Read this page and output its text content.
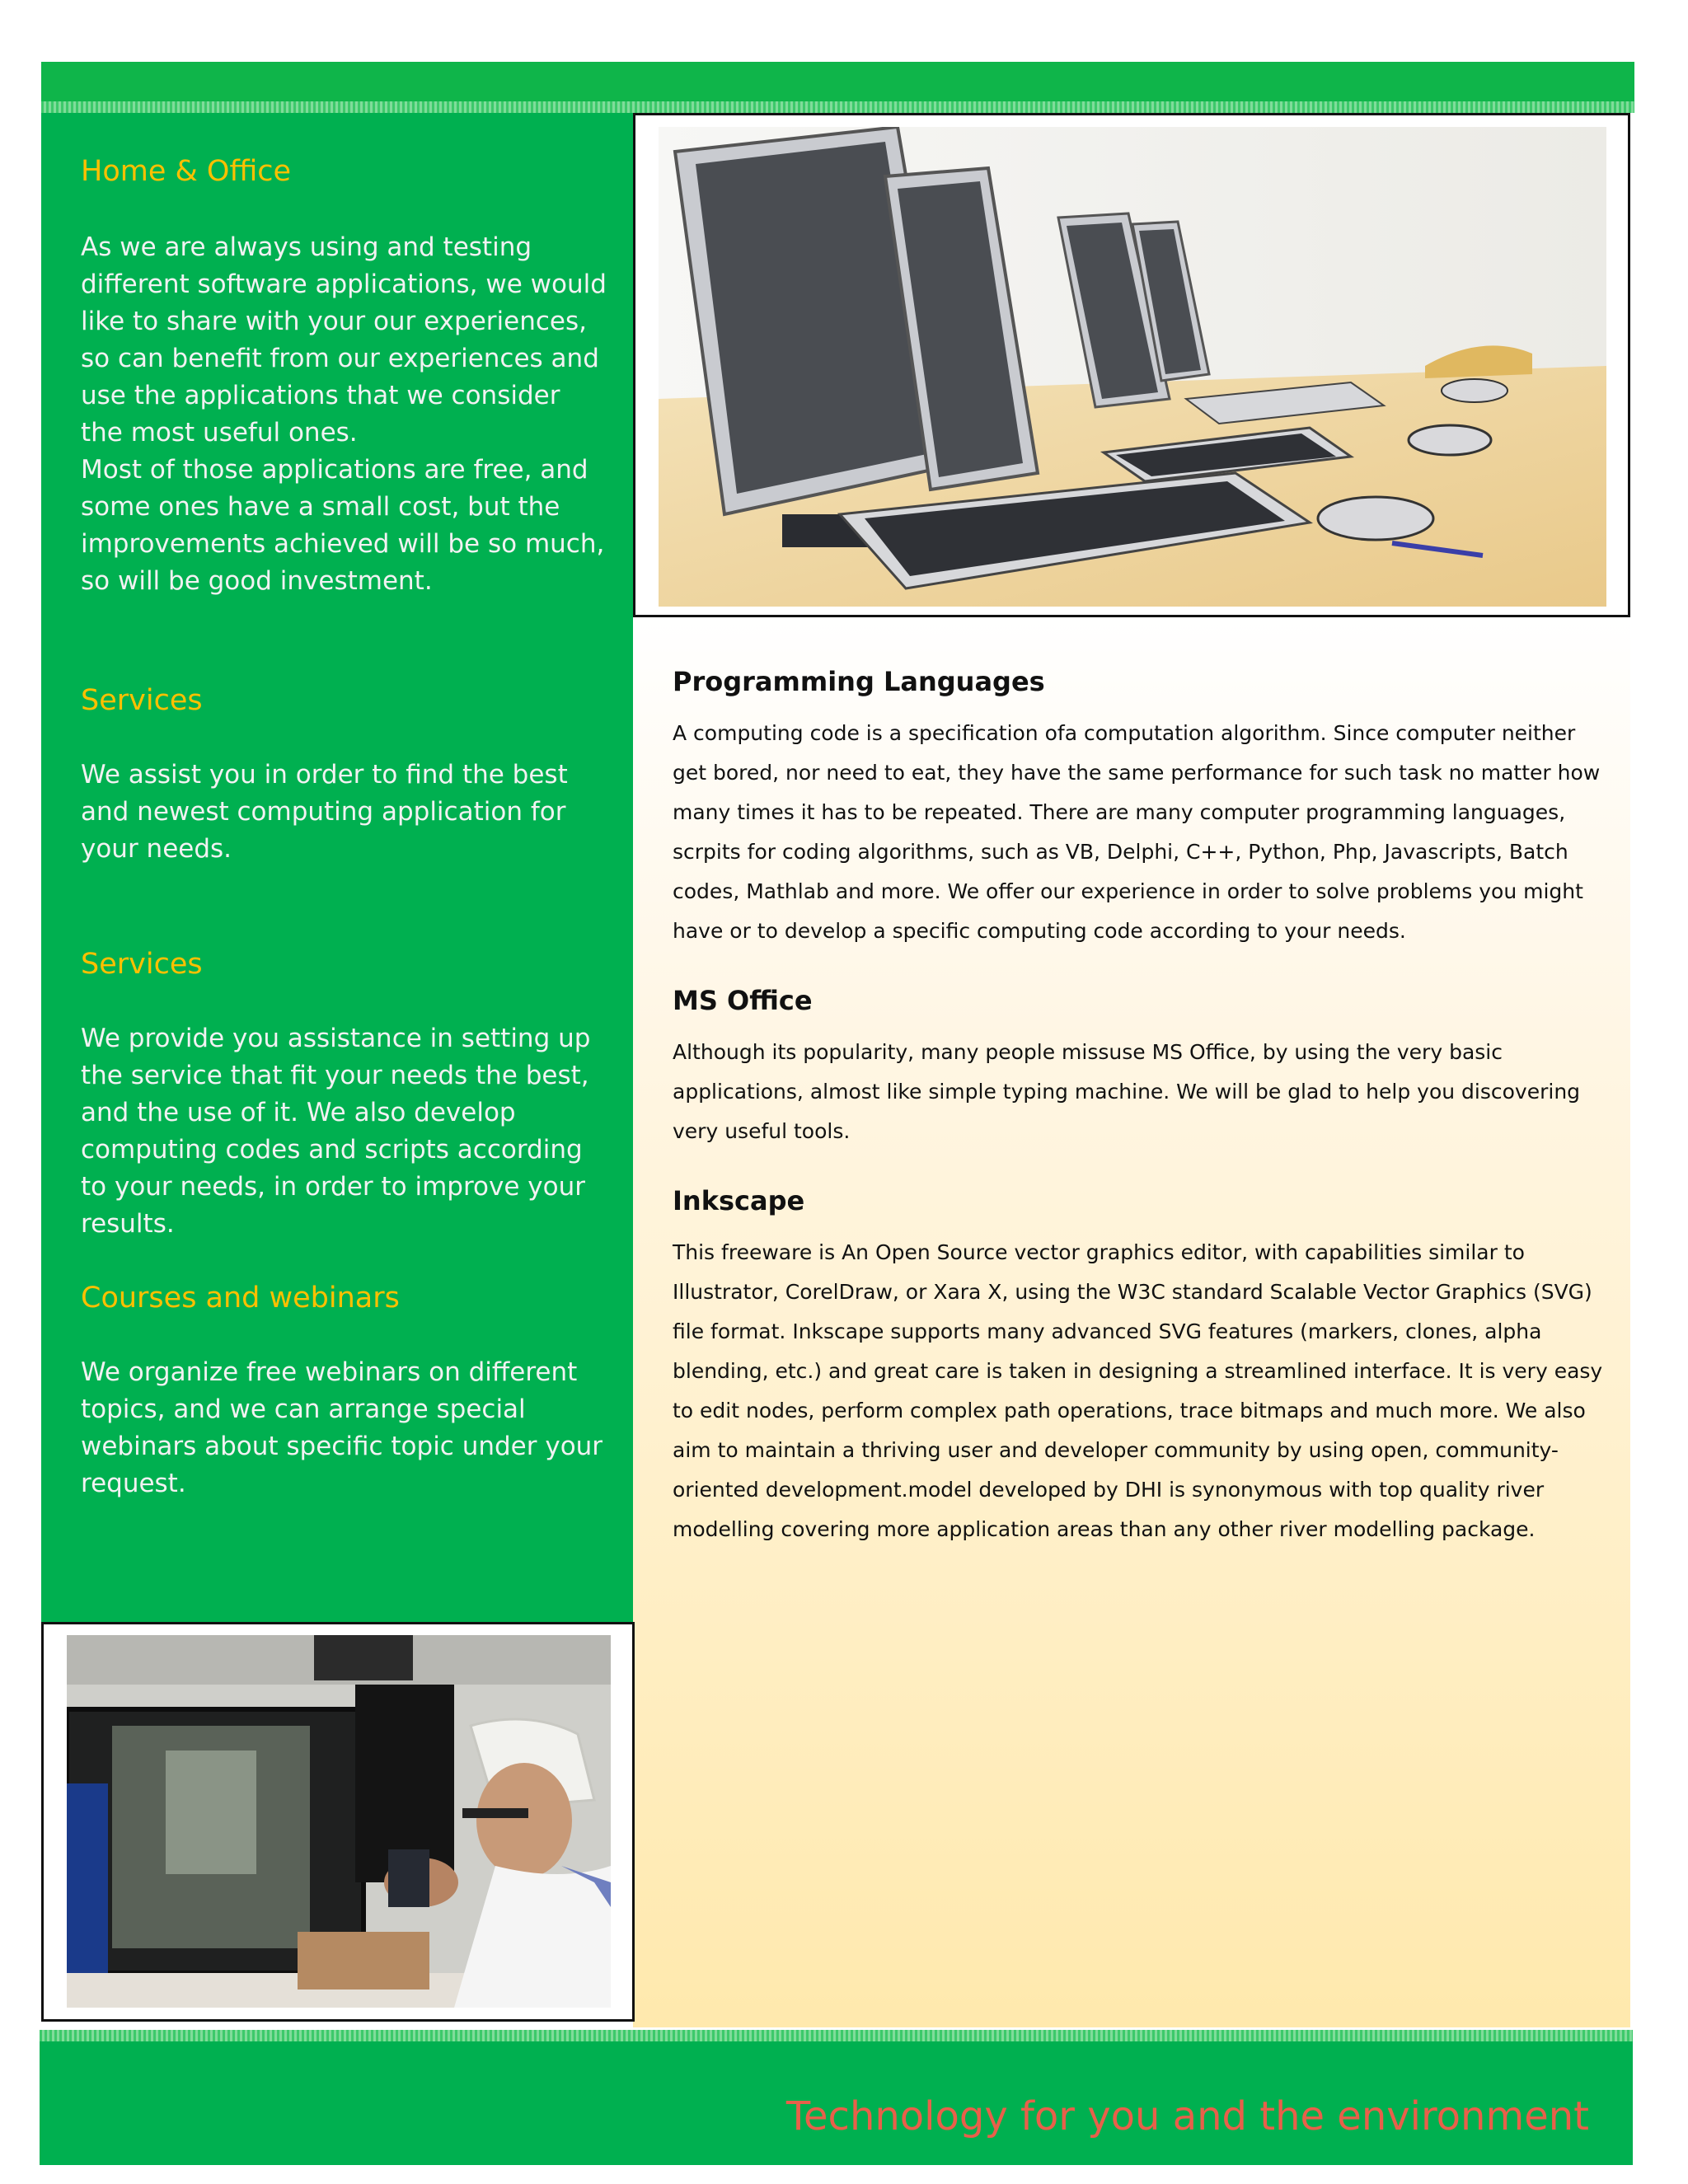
Home & Office
As we are always using and testing different software applications, we would like to share with your our experiences, so can benefit from our experiences and use the applications that we consider the most useful ones.
Most of those applications are free, and some ones have a small cost, but the improvements achieved will be so much, so will be good investment.
Services
We assist you in order to find the best and newest computing application for your needs.
Services
We provide you assistance in setting up the service that fit your needs the best, and the use of it. We also develop computing codes and scripts according to your needs, in order to improve your results.
Courses and webinars
We organize free webinars on different topics, and we can arrange special webinars about specific topic under your request.
Programming Languages
A computing code is a specification ofa computation algorithm. Since computer neither get bored, nor need to eat, they have the same performance for such task no matter how many times it has to be repeated. There are many computer programming languages, scrpits for coding algorithms, such as VB, Delphi, C++, Python, Php, Javascripts, Batch codes, Mathlab and more. We offer our experience in order to solve problems you might have or to develop a specific computing code according to your needs.
MS Office
Although its popularity, many people missuse MS Office, by using the very basic applications, almost like simple typing machine. We will be glad to help you discovering very useful tools.
Inkscape
This freeware is An Open Source vector graphics editor, with capabilities similar to Illustrator, CorelDraw, or Xara X, using the W3C standard Scalable Vector Graphics (SVG) file format. Inkscape supports many advanced SVG features (markers, clones, alpha blending, etc.) and great care is taken in designing a streamlined interface. It is very easy to edit nodes, perform complex path operations, trace bitmaps and much more. We also aim to maintain a thriving user and developer community by using open, community-oriented development.model developed by DHI is synonymous with top quality river modelling covering more application areas than any other river modelling package.
Technology for you and the environment
